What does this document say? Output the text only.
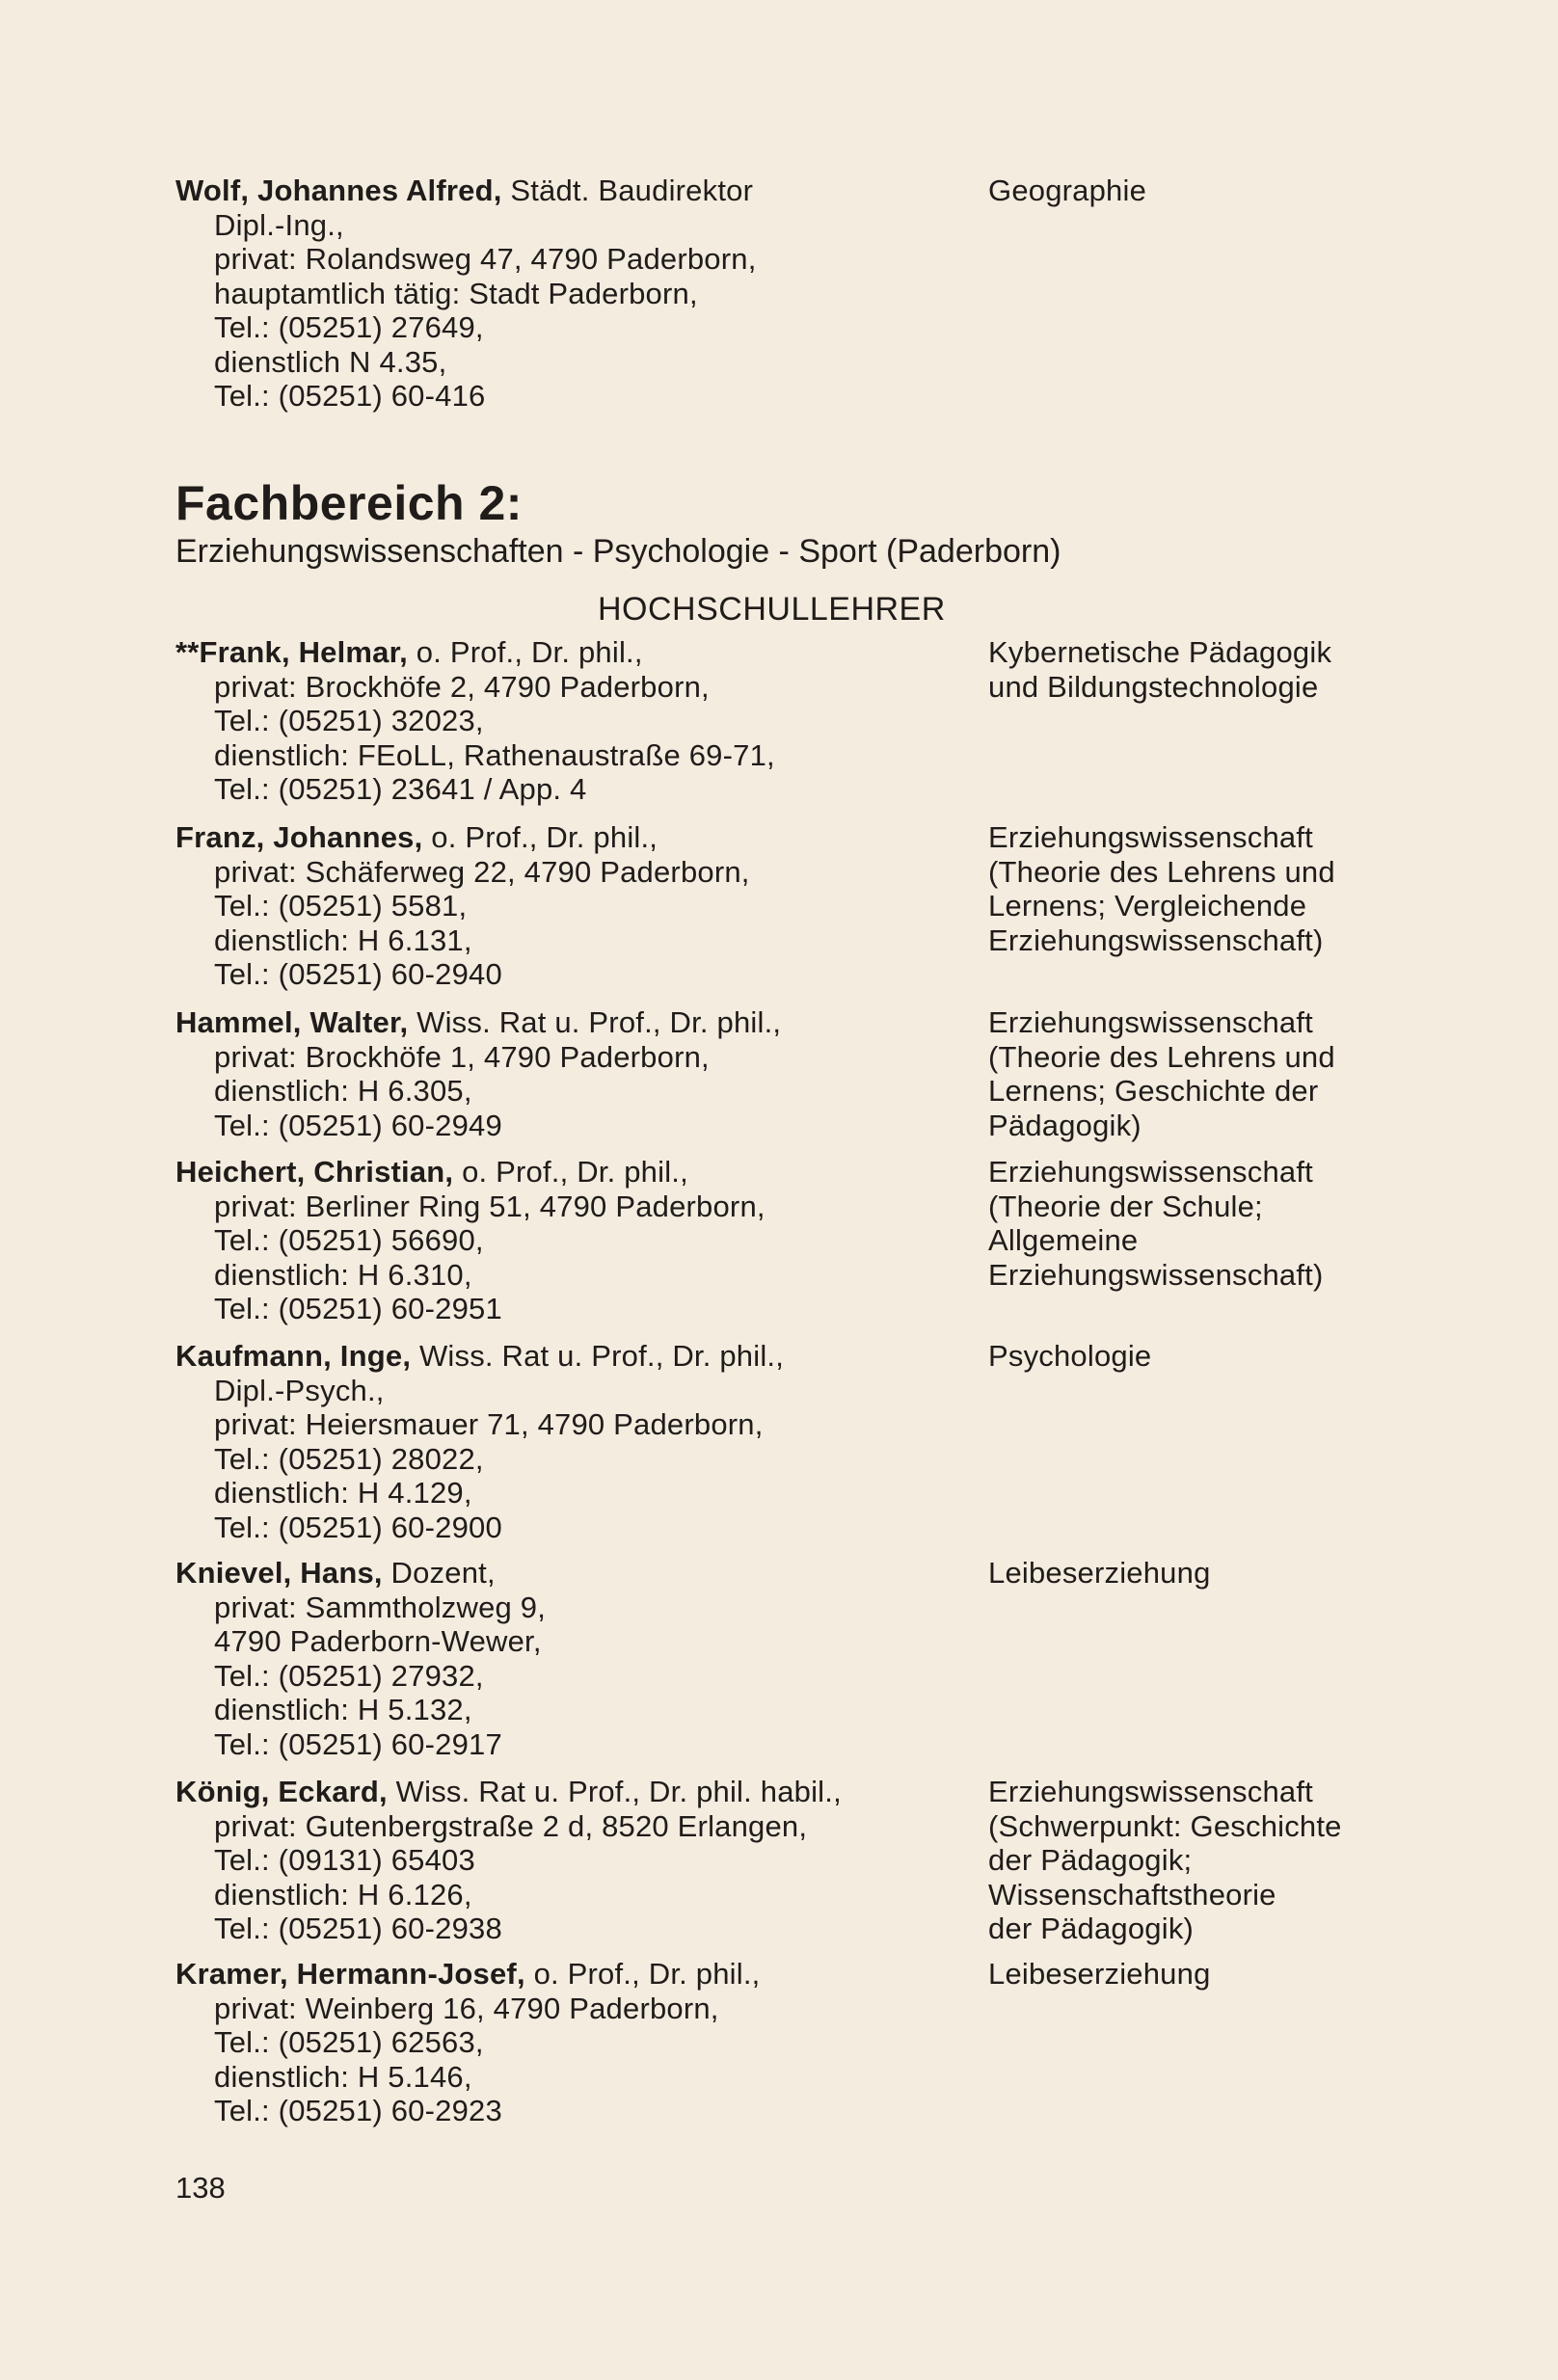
Wolf, Johannes Alfred, Städt. Baudirektor
Dipl.-Ing.,
privat: Rolandsweg 47, 4790 Paderborn,
hauptamtlich tätig: Stadt Paderborn,
Tel.: (05251) 27649,
dienstlich N 4.35,
Tel.: (05251) 60-416
Geographie
Fachbereich 2:
Erziehungswissenschaften - Psychologie - Sport (Paderborn)
HOCHSCHULLEHRER
**Frank, Helmar, o. Prof., Dr. phil.,
privat: Brockhöfe 2, 4790 Paderborn,
Tel.: (05251) 32023,
dienstlich: FEoLL, Rathenaustraße 69-71,
Tel.: (05251) 23641 / App. 4
Kybernetische Pädagogik
und Bildungstechnologie
Franz, Johannes, o. Prof., Dr. phil.,
privat: Schäferweg 22, 4790 Paderborn,
Tel.: (05251) 5581,
dienstlich: H 6.131,
Tel.: (05251) 60-2940
Erziehungswissenschaft
(Theorie des Lehrens und
Lernens; Vergleichende
Erziehungswissenschaft)
Hammel, Walter, Wiss. Rat u. Prof., Dr. phil.,
privat: Brockhöfe 1, 4790 Paderborn,
dienstlich: H 6.305,
Tel.: (05251) 60-2949
Erziehungswissenschaft
(Theorie des Lehrens und
Lernens; Geschichte der
Pädagogik)
Heichert, Christian, o. Prof., Dr. phil.,
privat: Berliner Ring 51, 4790 Paderborn,
Tel.: (05251) 56690,
dienstlich: H 6.310,
Tel.: (05251) 60-2951
Erziehungswissenschaft
(Theorie der Schule;
Allgemeine
Erziehungswissenschaft)
Kaufmann, Inge, Wiss. Rat u. Prof., Dr. phil.,
Dipl.-Psych.,
privat: Heiersmauer 71, 4790 Paderborn,
Tel.: (05251) 28022,
dienstlich: H 4.129,
Tel.: (05251) 60-2900
Psychologie
Knievel, Hans, Dozent,
privat: Sammtholzweg 9,
4790 Paderborn-Wewer,
Tel.: (05251) 27932,
dienstlich: H 5.132,
Tel.: (05251) 60-2917
Leibeserziehung
König, Eckard, Wiss. Rat u. Prof., Dr. phil. habil.,
privat: Gutenbergstraße 2 d, 8520 Erlangen,
Tel.: (09131) 65403
dienstlich: H 6.126,
Tel.: (05251) 60-2938
Erziehungswissenschaft
(Schwerpunkt: Geschichte
der Pädagogik;
Wissenschaftstheorie
der Pädagogik)
Kramer, Hermann-Josef, o. Prof., Dr. phil.,
privat: Weinberg 16, 4790 Paderborn,
Tel.: (05251) 62563,
dienstlich: H 5.146,
Tel.: (05251) 60-2923
Leibeserziehung
138
